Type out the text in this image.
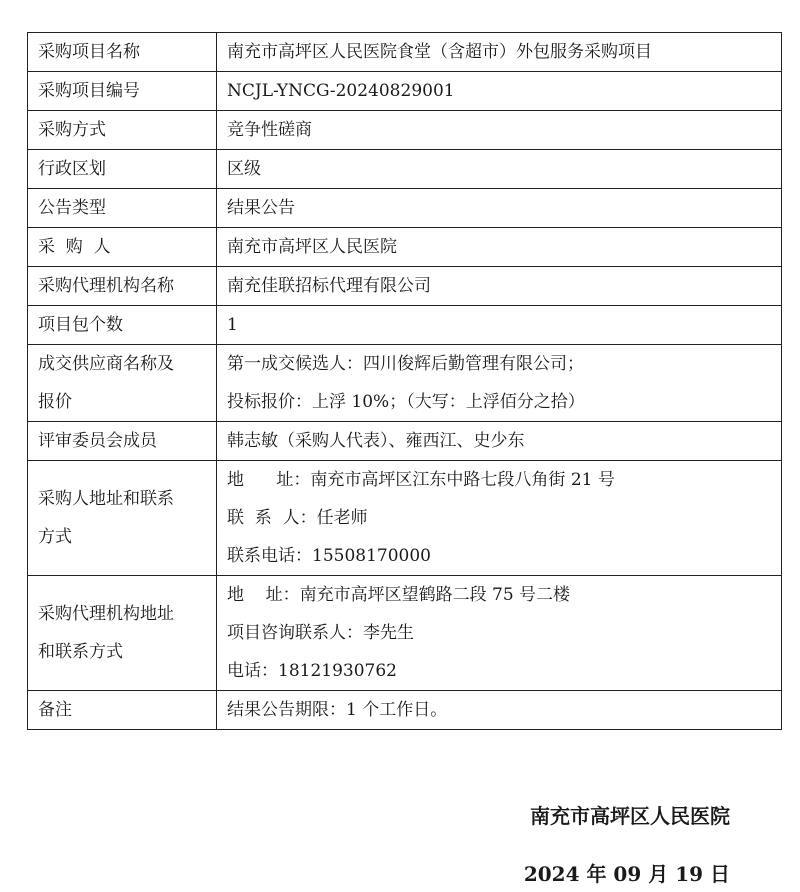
采购项目名称	南充市高坪区人民医院食堂（含超市）外包服务采购项目

采购项目编号	NCJL-YNCG-20240829001

采购方式	竞争性磋商

行政区划	区级

公告类型	结果公告

采  购  人	南充市高坪区人民医院

采购代理机构名称	南充佳联招标代理有限公司

项目包个数	1

成交供应商名称及
报价	第一成交候选人：四川俊辉后勤管理有限公司；
投标报价：上浮 10%；（大写：上浮佰分之拾）

评审委员会成员	韩志敏（采购人代表）、雍西江、史少东

采购人地址和联系
方式	地      址：南充市高坪区江东中路七段八角街 21 号
联  系  人：任老师
联系电话：15508170000

采购代理机构地址
和联系方式	地    址：南充市高坪区望鹤路二段 75 号二楼
项目咨询联系人：李先生
电话：18121930762

备注	结果公告期限：1 个工作日。
南充市高坪区人民医院
2024 年 09 月 19 日
